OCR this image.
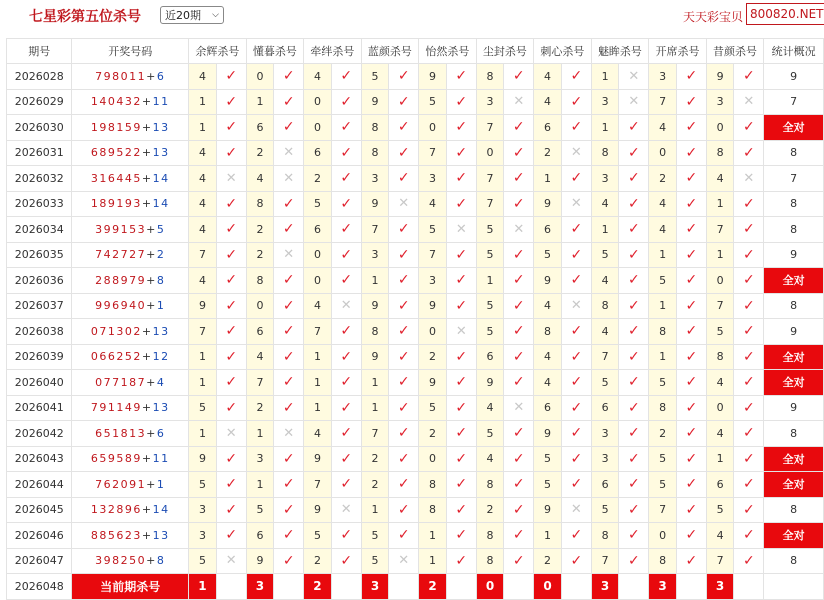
七星彩第五位杀号	近20期 ⌵	天天彩宝贝 800820.NET
期号	开奖号码	余辉杀号		懂暮杀号		牵绊杀号		蓝颜杀号		怡然杀号		尘封杀号		刺心杀号		魅眸杀号		开席杀号		昔颜杀号		统计概况
2026028	798011+6	4	✓	0	✓	4	✓	5	✓	9	✓	8	✓	4	✓	1	✕	3	✓	9	✓	9
2026029	140432+11	1	✓	1	✓	0	✓	9	✓	5	✓	3	✕	4	✓	3	✕	7	✓	3	✕	7
2026030	198159+13	1	✓	6	✓	0	✓	8	✓	0	✓	7	✓	6	✓	1	✓	4	✓	0	✓	全对
2026031	689522+13	4	✓	2	✕	6	✓	8	✓	7	✓	0	✓	2	✕	8	✓	0	✓	8	✓	8
2026032	316445+14	4	✕	4	✕	2	✓	3	✓	3	✓	7	✓	1	✓	3	✓	2	✓	4	✕	7
2026033	189193+14	4	✓	8	✓	5	✓	9	✕	4	✓	7	✓	9	✕	4	✓	4	✓	1	✓	8
2026034	399153+5	4	✓	2	✓	6	✓	7	✓	5	✕	5	✕	6	✓	1	✓	4	✓	7	✓	8
2026035	742727+2	7	✓	2	✕	0	✓	3	✓	7	✓	5	✓	5	✓	5	✓	1	✓	1	✓	9
2026036	288979+8	4	✓	8	✓	0	✓	1	✓	3	✓	1	✓	9	✓	4	✓	5	✓	0	✓	全对
2026037	996940+1	9	✓	0	✓	4	✕	9	✓	9	✓	5	✓	4	✕	8	✓	1	✓	7	✓	8
2026038	071302+13	7	✓	6	✓	7	✓	8	✓	0	✕	5	✓	8	✓	4	✓	8	✓	5	✓	9
2026039	066252+12	1	✓	4	✓	1	✓	9	✓	2	✓	6	✓	4	✓	7	✓	1	✓	8	✓	全对
2026040	077187+4	1	✓	7	✓	1	✓	1	✓	9	✓	9	✓	4	✓	5	✓	5	✓	4	✓	全对
2026041	791149+13	5	✓	2	✓	1	✓	1	✓	5	✓	4	✕	6	✓	6	✓	8	✓	0	✓	9
2026042	651813+6	1	✕	1	✕	4	✓	7	✓	2	✓	5	✓	9	✓	3	✓	2	✓	4	✓	8
2026043	659589+11	9	✓	3	✓	9	✓	2	✓	0	✓	4	✓	5	✓	3	✓	5	✓	1	✓	全对
2026044	762091+1	5	✓	1	✓	7	✓	2	✓	8	✓	8	✓	5	✓	6	✓	5	✓	6	✓	全对
2026045	132896+14	3	✓	5	✓	9	✕	1	✓	8	✓	2	✓	9	✕	5	✓	7	✓	5	✓	8
2026046	885623+13	3	✓	6	✓	5	✓	5	✓	1	✓	8	✓	1	✓	8	✓	0	✓	4	✓	全对
2026047	398250+8	5	✕	9	✓	2	✓	5	✕	1	✓	8	✓	2	✓	7	✓	8	✓	7	✓	8
2026048	当前期杀号	1		3		2		3		2		0		0		3		3		3		
